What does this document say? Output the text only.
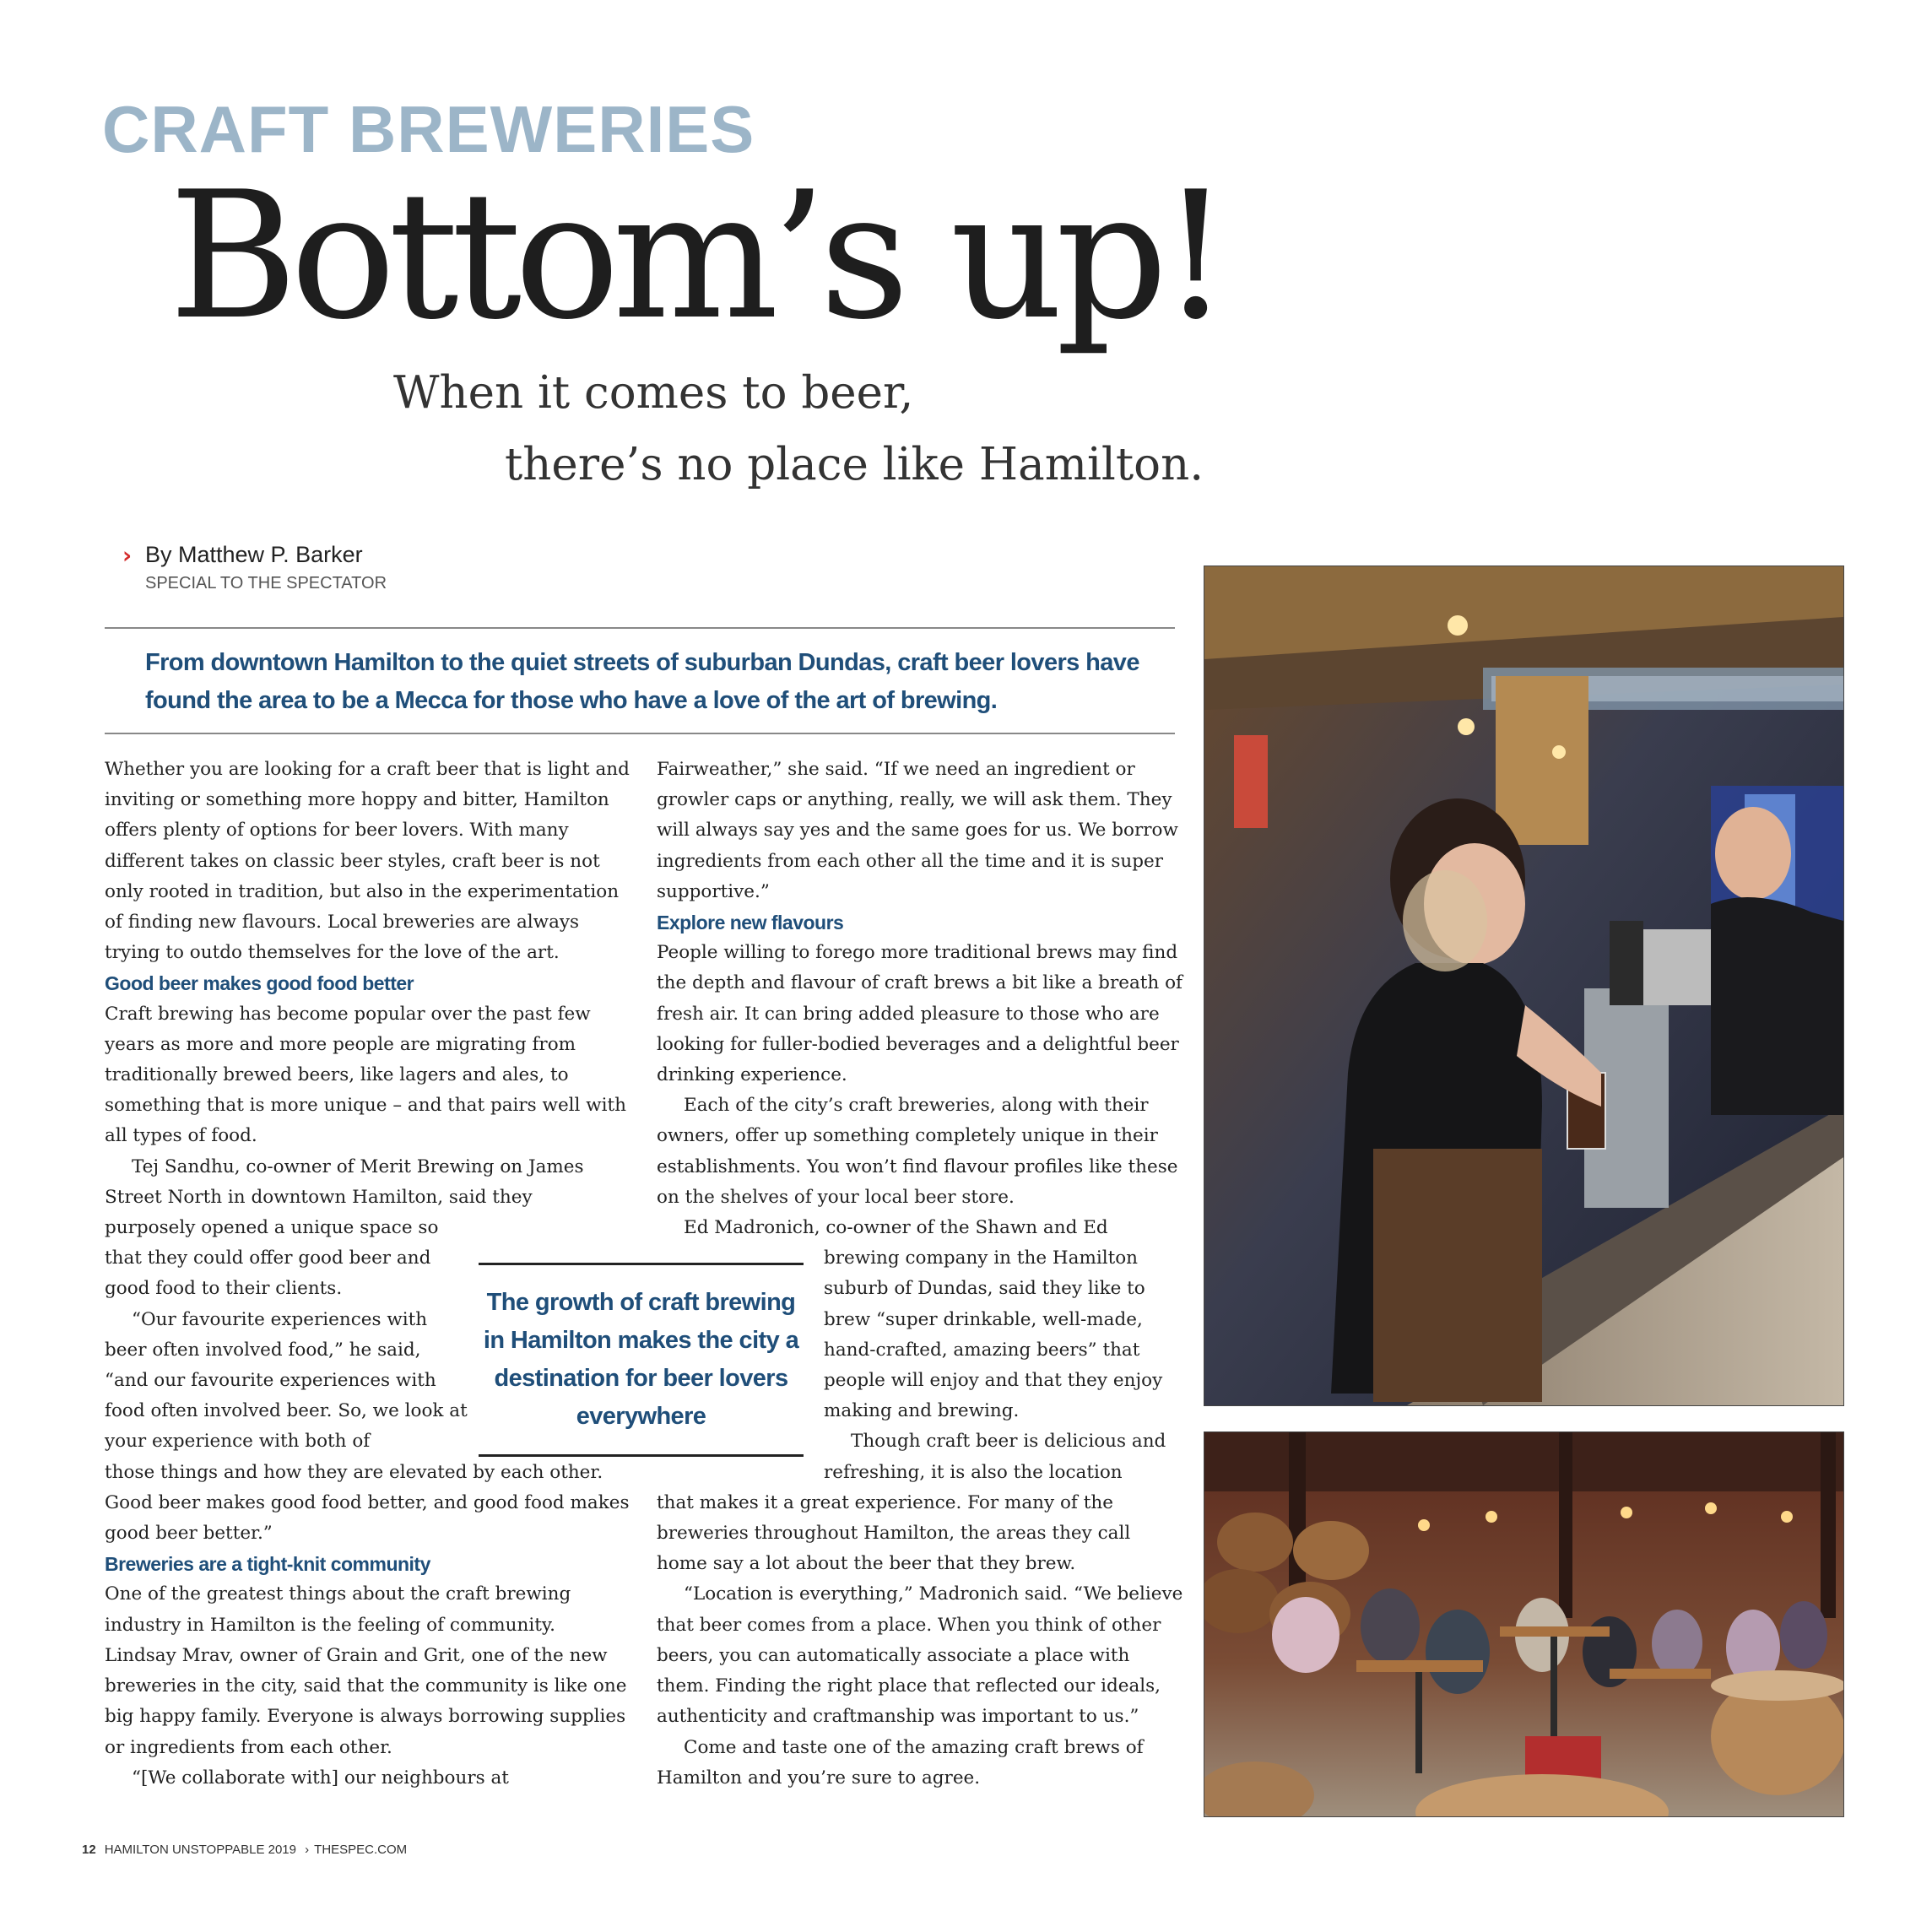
CRAFT BREWERIES
Bottom’s up!
When it comes to beer,
there’s no place like Hamilton.
› By Matthew P. Barker
SPECIAL TO THE SPECTATOR
From downtown Hamilton to the quiet streets of suburban Dundas, craft beer lovers have found the area to be a Mecca for those who have a love of the art of brewing.

Whether you are looking for a craft beer that is light and inviting or something more hoppy and bitter, Hamilton offers plenty of options for beer lovers. With many different takes on classic beer styles, craft beer is not only rooted in tradition, but also in the experimentation of finding new flavours. Local breweries are always trying to outdo themselves for the love of the art.

Good beer makes good food better

Craft brewing has become popular over the past few years as more and more people are migrating from traditionally brewed beers, like lagers and ales, to something that is more unique – and that pairs well with all types of food.

Tej Sandhu, co-owner of Merit Brewing on James Street North in downtown Hamilton, said they

purposely opened a unique space so that they could offer good beer and good food to their clients.

“Our favourite experiences with beer often involved food,” he said, “and our favourite experiences with food often involved beer. So, we look at your experience with both of

those things and how they are elevated by each other. Good beer makes good food better, and good food makes good beer better.”

Breweries are a tight-knit community

One of the greatest things about the craft brewing industry in Hamilton is the feeling of community. Lindsay Mrav, owner of Grain and Grit, one of the new breweries in the city, said that the community is like one big happy family. Everyone is always borrowing supplies or ingredients from each other.

“[We collaborate with] our neighbours at

Fairweather,” she said. “If we need an ingredient or growler caps or anything, really, we will ask them. They will always say yes and the same goes for us. We borrow ingredients from each other all the time and it is super supportive.”

Explore new flavours

People willing to forego more traditional brews may find the depth and flavour of craft brews a bit like a breath of fresh air. It can bring added pleasure to those who are looking for fuller-bodied beverages and a delightful beer drinking experience.

Each of the city’s craft breweries, along with their owners, offer up something completely unique in their establishments. You won’t find flavour profiles like these on the shelves of your local beer store.

Ed Madronich, co-owner of the Shawn and Ed

brewing company in the Hamilton suburb of Dundas, said they like to brew “super drinkable, well-made, hand-crafted, amazing beers” that people will enjoy and that they enjoy making and brewing.

Though craft beer is delicious and refreshing, it is also the location

that makes it a great experience. For many of the breweries throughout Hamilton, the areas they call home say a lot about the beer that they brew.

“Location is everything,” Madronich said. “We believe that beer comes from a place. When you think of other beers, you can automatically associate a place with them. Finding the right place that reflected our ideals, authenticity and craftmanship was important to us.”

Come and taste one of the amazing craft brews of Hamilton and you’re sure to agree.

The growth of craft brewing in Hamilton makes the city a destination for beer lovers everywhere
12 HAMILTON UNSTOPPABLE 2019 › THESPEC.COM
